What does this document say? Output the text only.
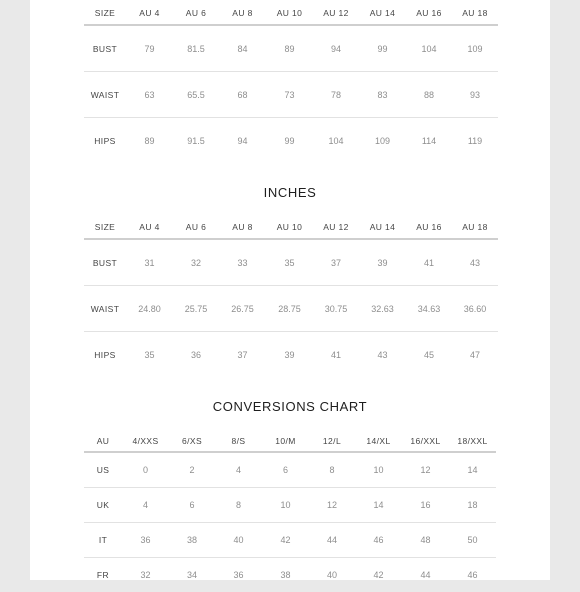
SIZE	AU 4	AU 6	AU 8	AU 10	AU 12	AU 14	AU 16	AU 18
BUST	79	81.5	84	89	94	99	104	109
WAIST	63	65.5	68	73	78	83	88	93
HIPS	89	91.5	94	99	104	109	114	119
INCHES
SIZE	AU 4	AU 6	AU 8	AU 10	AU 12	AU 14	AU 16	AU 18
BUST	31	32	33	35	37	39	41	43
WAIST	24.80	25.75	26.75	28.75	30.75	32.63	34.63	36.60
HIPS	35	36	37	39	41	43	45	47
CONVERSIONS CHART
AU	4/XXS	6/XS	8/S	10/M	12/L	14/XL	16/XXL	18/XXL
US	0	2	4	6	8	10	12	14
UK	4	6	8	10	12	14	16	18
IT	36	38	40	42	44	46	48	50
FR	32	34	36	38	40	42	44	46
